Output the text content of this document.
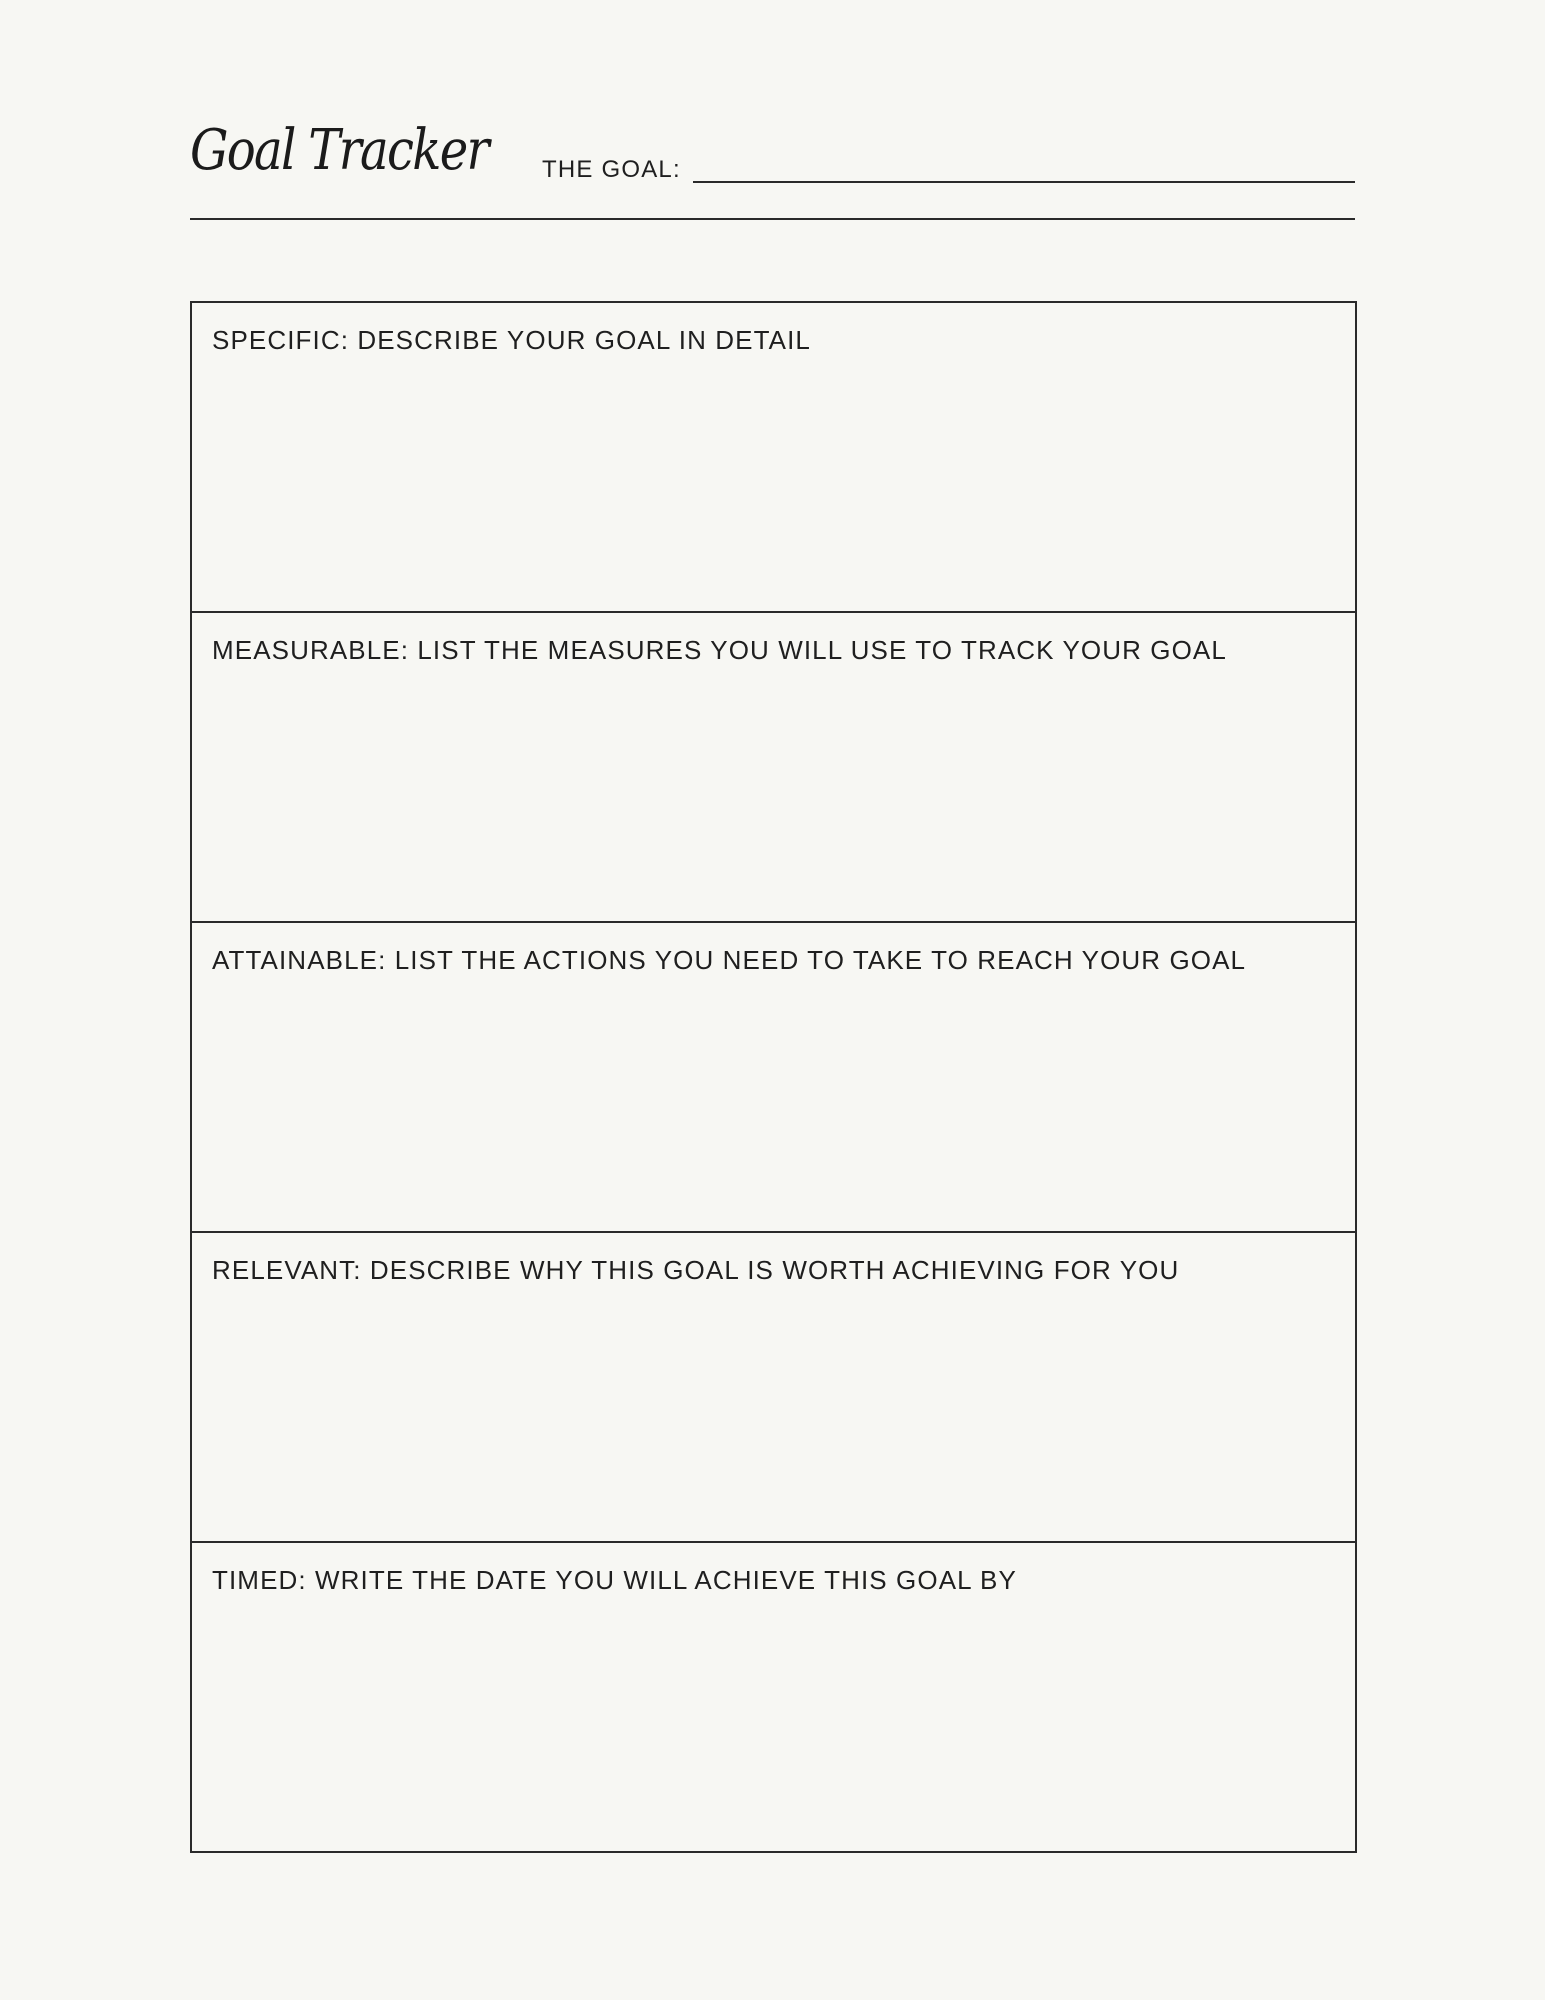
Goal Tracker THE GOAL:
SPECIFIC: DESCRIBE YOUR GOAL IN DETAIL
MEASURABLE: LIST THE MEASURES YOU WILL USE TO TRACK YOUR GOAL
ATTAINABLE: LIST THE ACTIONS YOU NEED TO TAKE TO REACH YOUR GOAL
RELEVANT: DESCRIBE WHY THIS GOAL IS WORTH ACHIEVING FOR YOU
TIMED: WRITE THE DATE YOU WILL ACHIEVE THIS GOAL BY
